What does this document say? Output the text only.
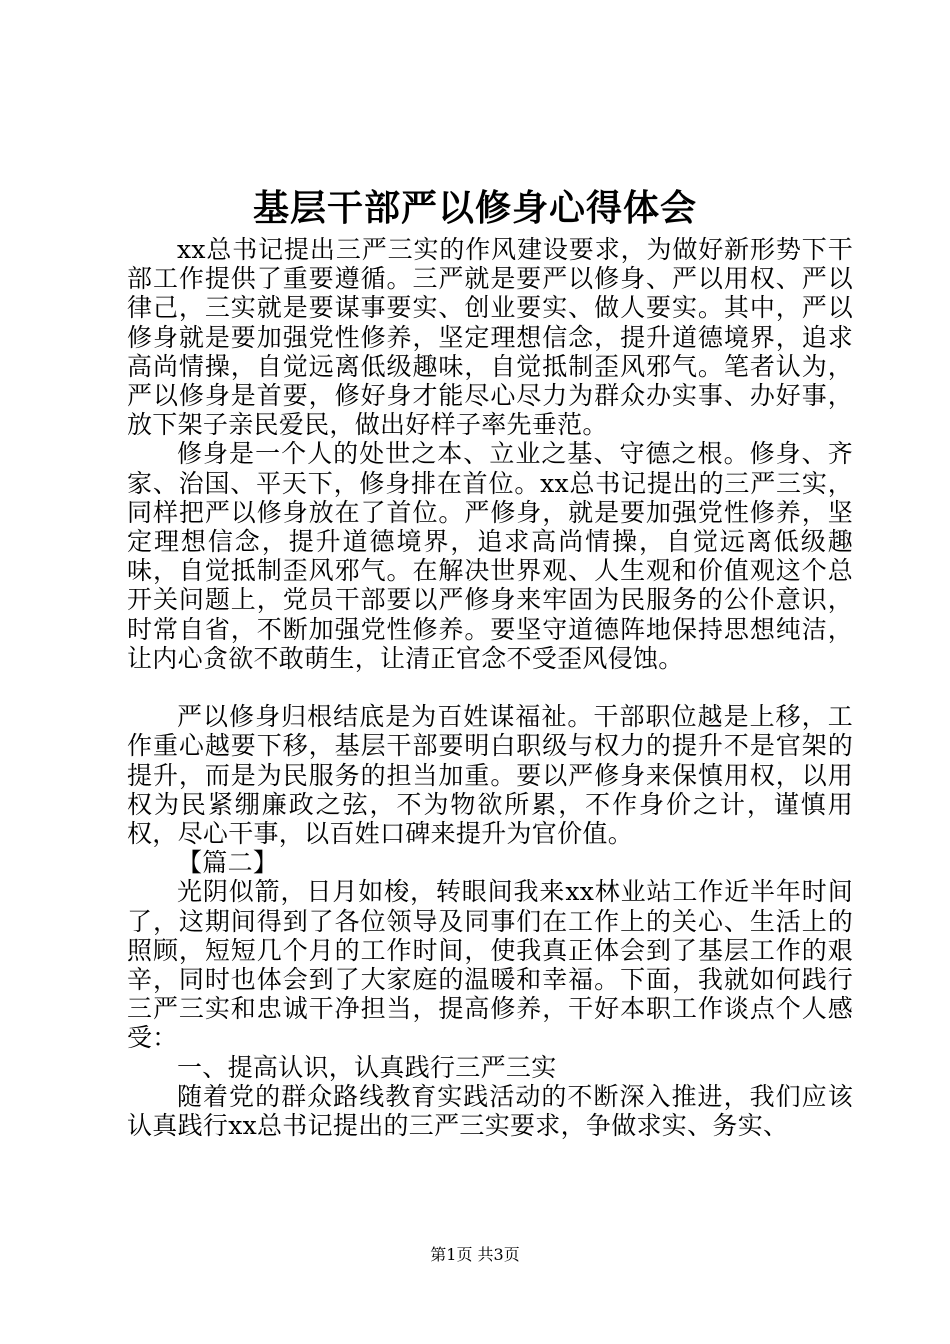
基层干部严以修身心得体会

xx总书记提出三严三实的作风建设要求，为做好新形势下干部工作提供了重要遵循。三严就是要严以修身、严以用权、严以律己，三实就是要谋事要实、创业要实、做人要实。其中，严以修身就是要加强党性修养，坚定理想信念，提升道德境界，追求高尚情操，自觉远离低级趣味，自觉抵制歪风邪气。笔者认为，严以修身是首要，修好身才能尽心尽力为群众办实事、办好事，放下架子亲民爱民，做出好样子率先垂范。

修身是一个人的处世之本、立业之基、守德之根。修身、齐家、治国、平天下，修身排在首位。xx总书记提出的三严三实，同样把严以修身放在了首位。严修身，就是要加强党性修养，坚定理想信念，提升道德境界，追求高尚情操，自觉远离低级趣味，自觉抵制歪风邪气。在解决世界观、人生观和价值观这个总开关问题上，党员干部要以严修身来牢固为民服务的公仆意识，时常自省，不断加强党性修养。要坚守道德阵地保持思想纯洁，让内心贪欲不敢萌生，让清正官念不受歪风侵蚀。

严以修身归根结底是为百姓谋福祉。干部职位越是上移，工作重心越要下移，基层干部要明白职级与权力的提升不是官架的提升，而是为民服务的担当加重。要以严修身来保慎用权，以用权为民紧绷廉政之弦，不为物欲所累，不作身价之计，谨慎用权，尽心干事，以百姓口碑来提升为官价值。

【篇二】

光阴似箭，日月如梭，转眼间我来xx林业站工作近半年时间了，这期间得到了各位领导及同事们在工作上的关心、生活上的照顾，短短几个月的工作时间，使我真正体会到了基层工作的艰辛，同时也体会到了大家庭的温暖和幸福。下面，我就如何践行三严三实和忠诚干净担当，提高修养，干好本职工作谈点个人感受：

一、提高认识，认真践行三严三实

随着党的群众路线教育实践活动的不断深入推进，我们应该认真践行xx总书记提出的三严三实要求，争做求实、务实、

第1页 共3页
